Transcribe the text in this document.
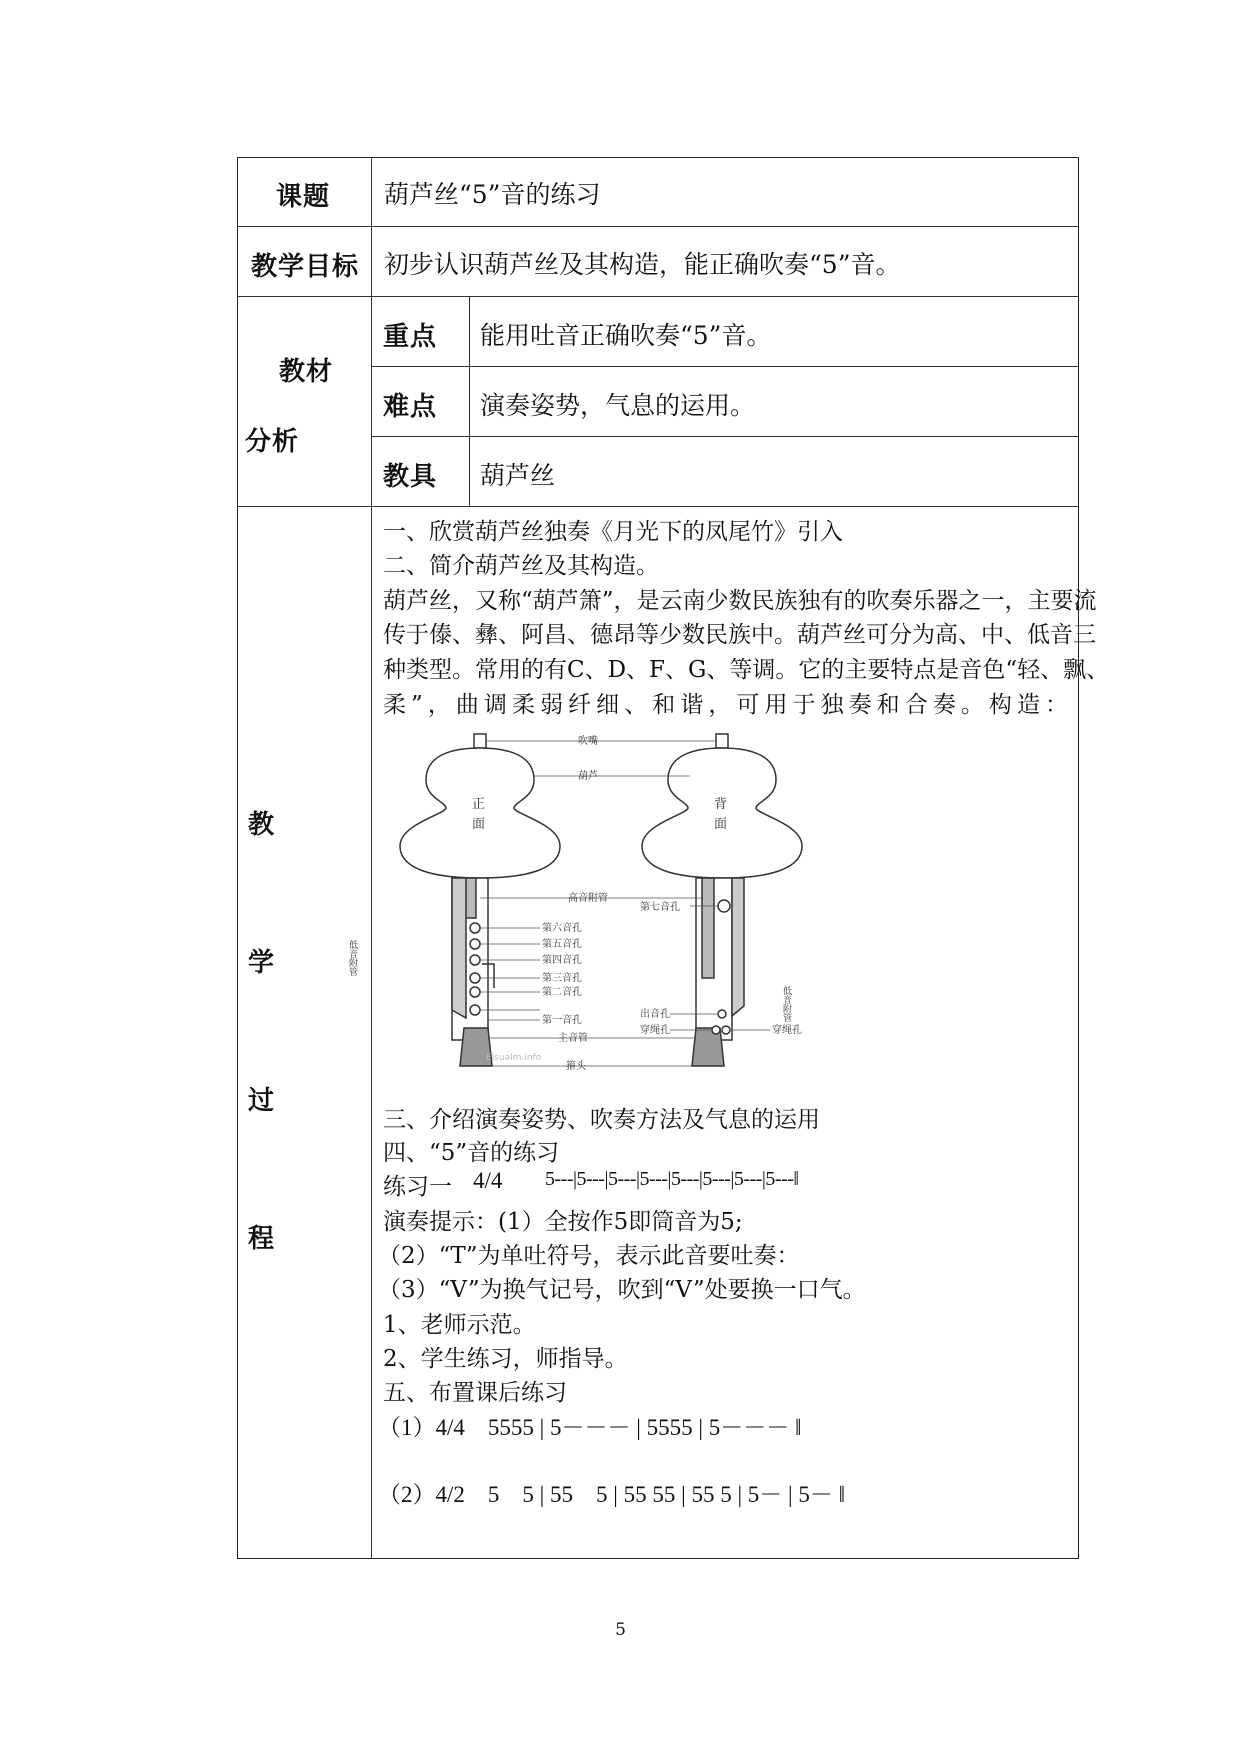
课题 葫芦丝“5”音的练习
教学目标 初步认识葫芦丝及其构造，能正确吹奏“5”音。
教材
分析
重点 能用吐音正确吹奏“5”音。
难点 演奏姿势，气息的运用。
教具 葫芦丝
教
学
过
程
一、欣赏葫芦丝独奏《月光下的凤尾竹》引入
二、简介葫芦丝及其构造。
葫芦丝，又称“葫芦箫”，是云南少数民族独有的吹奏乐器之一，主要流
传于傣、彝、阿昌、德昂等少数民族中。葫芦丝可分为高、中、低音三
种类型。常用的有C、D、F、G、等调。它的主要特点是音色“轻、飘、
柔”，曲调柔弱纤细、和谐，可用于独奏和合奏。构造：
正
面
背
面
吹嘴
葫芦
高音附管
第七音孔
第六音孔
第五音孔
第四音孔
第三音孔
第二音孔
第一音孔
主音管
箍头
出音孔
穿绳孔	穿绳孔
ElsuaIm.info
低音附管
低音附管
三、介绍演奏姿势、吹奏方法及气息的运用
四、“5”音的练习
练习一 4/4 5---|5---|5---|5---|5---|5---|5---|5---‖
演奏提示：(1）全按作5即筒音为5;
（2）“T”为单吐符号，表示此音要吐奏：
（3）“V”为换气记号，吹到“V”处要换一口气。
1、老师示范。
2、学生练习，师指导。
五、布置课后练习
（1）4/4　5555 | 5－－－ | 5555 | 5－－－ ‖
（2）4/2　5　5 | 55　5 | 55 55 | 55 5 | 5－ | 5－ ‖
5
